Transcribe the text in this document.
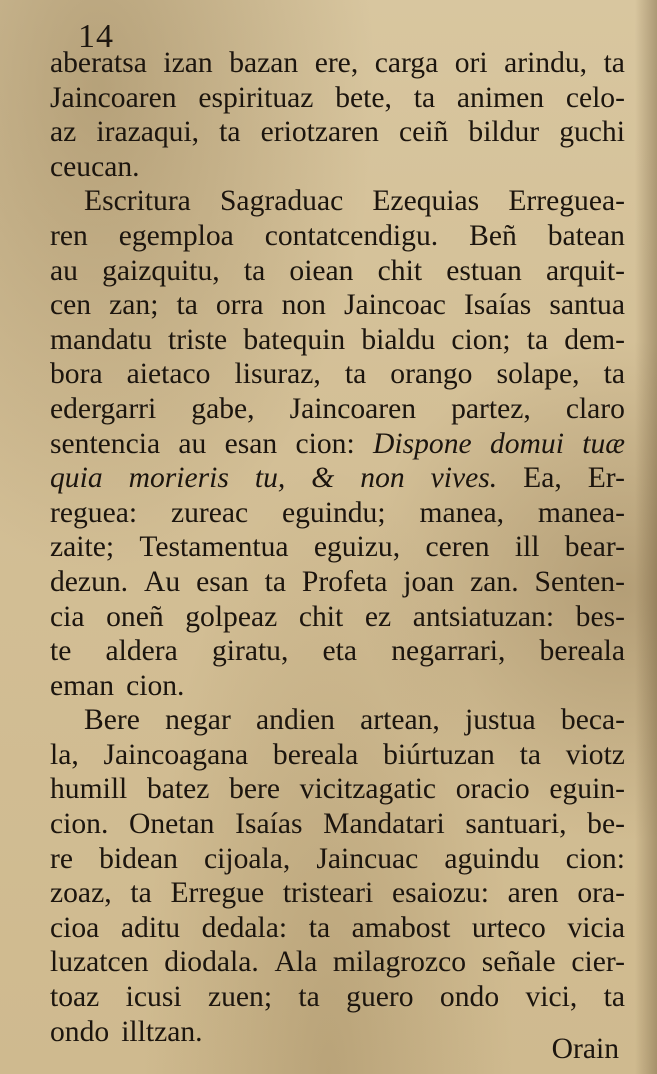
14
aberatsa izan bazan ere, carga ori arindu, ta
Jaincoaren espirituaz bete, ta animen celo-
az irazaqui, ta eriotzaren ceiñ bildur guchi
ceucan.
Escritura Sagraduac Ezequias Erreguea-
ren egemploa contatcendigu. Beñ batean
au gaizquitu, ta oiean chit estuan arquit-
cen zan; ta orra non Jaincoac Isaías santua
mandatu triste batequin bialdu cion; ta dem-
bora aietaco lisuraz, ta orango solape, ta
edergarri gabe, Jaincoaren partez, claro
sentencia au esan cion: Dispone domui tuæ
quia morieris tu, & non vives. Ea, Er-
reguea: zureac eguindu; manea, manea-
zaite; Testamentua eguizu, ceren ill bear-
dezun. Au esan ta Profeta joan zan. Senten-
cia oneñ golpeaz chit ez antsiatuzan: bes-
te aldera giratu, eta negarrari, bereala
eman cion.
Bere negar andien artean, justua beca-
la, Jaincoagana bereala biúrtuzan ta viotz
humill batez bere vicitzagatic oracio eguin-
cion. Onetan Isaías Mandatari santuari, be-
re bidean cijoala, Jaincuac aguindu cion:
zoaz, ta Erregue tristeari esaiozu: aren ora-
cioa aditu dedala: ta amabost urteco vicia
luzatcen diodala. Ala milagrozco señale cier-
toaz icusi zuen; ta guero ondo vici, ta
ondo illtzan.
Orain
